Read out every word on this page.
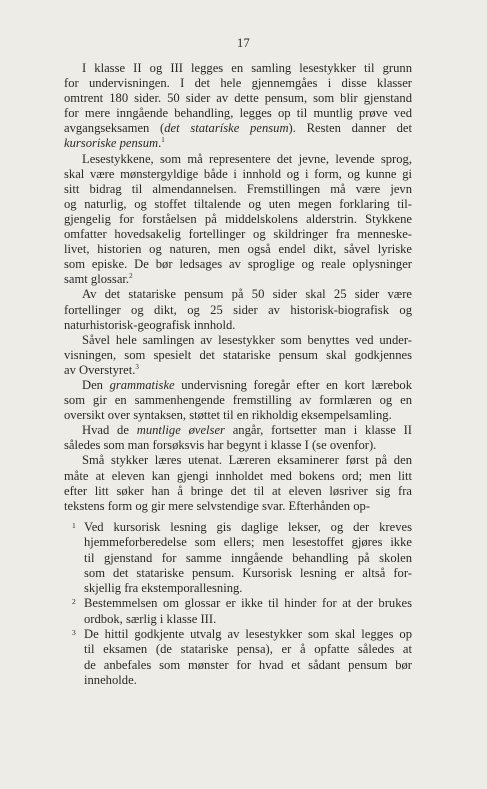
17
I klasse II og III legges en samling lesestykker til grunn
for undervisningen. I det hele gjennemgåes i disse klasser
omtrent 180 sider. 50 sider av dette pensum, som blir gjenstand
for mere inngående behandling, legges op til muntlig prøve ved
avgangseksamen (det stataríske pensum). Resten danner det
kursoriske pensum.$^1$
Lesestykkene, som må representere det jevne, levende sprog,
skal være mønstergyldige både i innhold og i form, og kunne gi
sitt bidrag til almendannelsen. Fremstillingen må være jevn
og naturlig, og stoffet tiltalende og uten megen forklaring til-
gjengelig for forståelsen på middelskolens alderstrin. Stykkene
omfatter hovedsakelig fortellinger og skildringer fra menneske-
livet, historien og naturen, men også endel dikt, såvel lyriske
som episke. De bør ledsages av sproglige og reale oplysninger
samt glossar.$^2$
Av det statariske pensum på 50 sider skal 25 sider være
fortellinger og dikt, og 25 sider av historisk-biografisk og
naturhistorisk-geografisk innhold.
Såvel hele samlingen av lesestykker som benyttes ved under-
visningen, som spesielt det statariske pensum skal godkjennes
av Overstyret.$^3$
Den grammatiske undervisning foregår efter en kort lærebok
som gir en sammenhengende fremstilling av formlæren og en
oversikt over syntaksen, støttet til en rikholdig eksempelsamling.
Hvad de muntlige øvelser angår, fortsetter man i klasse II
således som man forsøksvis har begynt i klasse I (se ovenfor).
Små stykker læres utenat. Læreren eksaminerer først på den
måte at eleven kan gjengi innholdet med bokens ord; men litt
efter litt søker han å bringe det til at eleven løsriver sig fra
tekstens form og gir mere selvstendige svar. Efterhånden op-
1 Ved kursorisk lesning gis daglige lekser, og der kreves
hjemmeforberedelse som ellers; men lesestoffet gjøres ikke
til gjenstand for samme inngående behandling på skolen
som det statariske pensum. Kursorisk lesning er altså for-
skjellig fra ekstemporallesning.
2 Bestemmelsen om glossar er ikke til hinder for at der brukes
ordbok, særlig i klasse III.
3 De hittil godkjente utvalg av lesestykker som skal legges op
til eksamen (de statariske pensa), er å opfatte således at
de anbefales som mønster for hvad et sådant pensum bør
inneholde.
